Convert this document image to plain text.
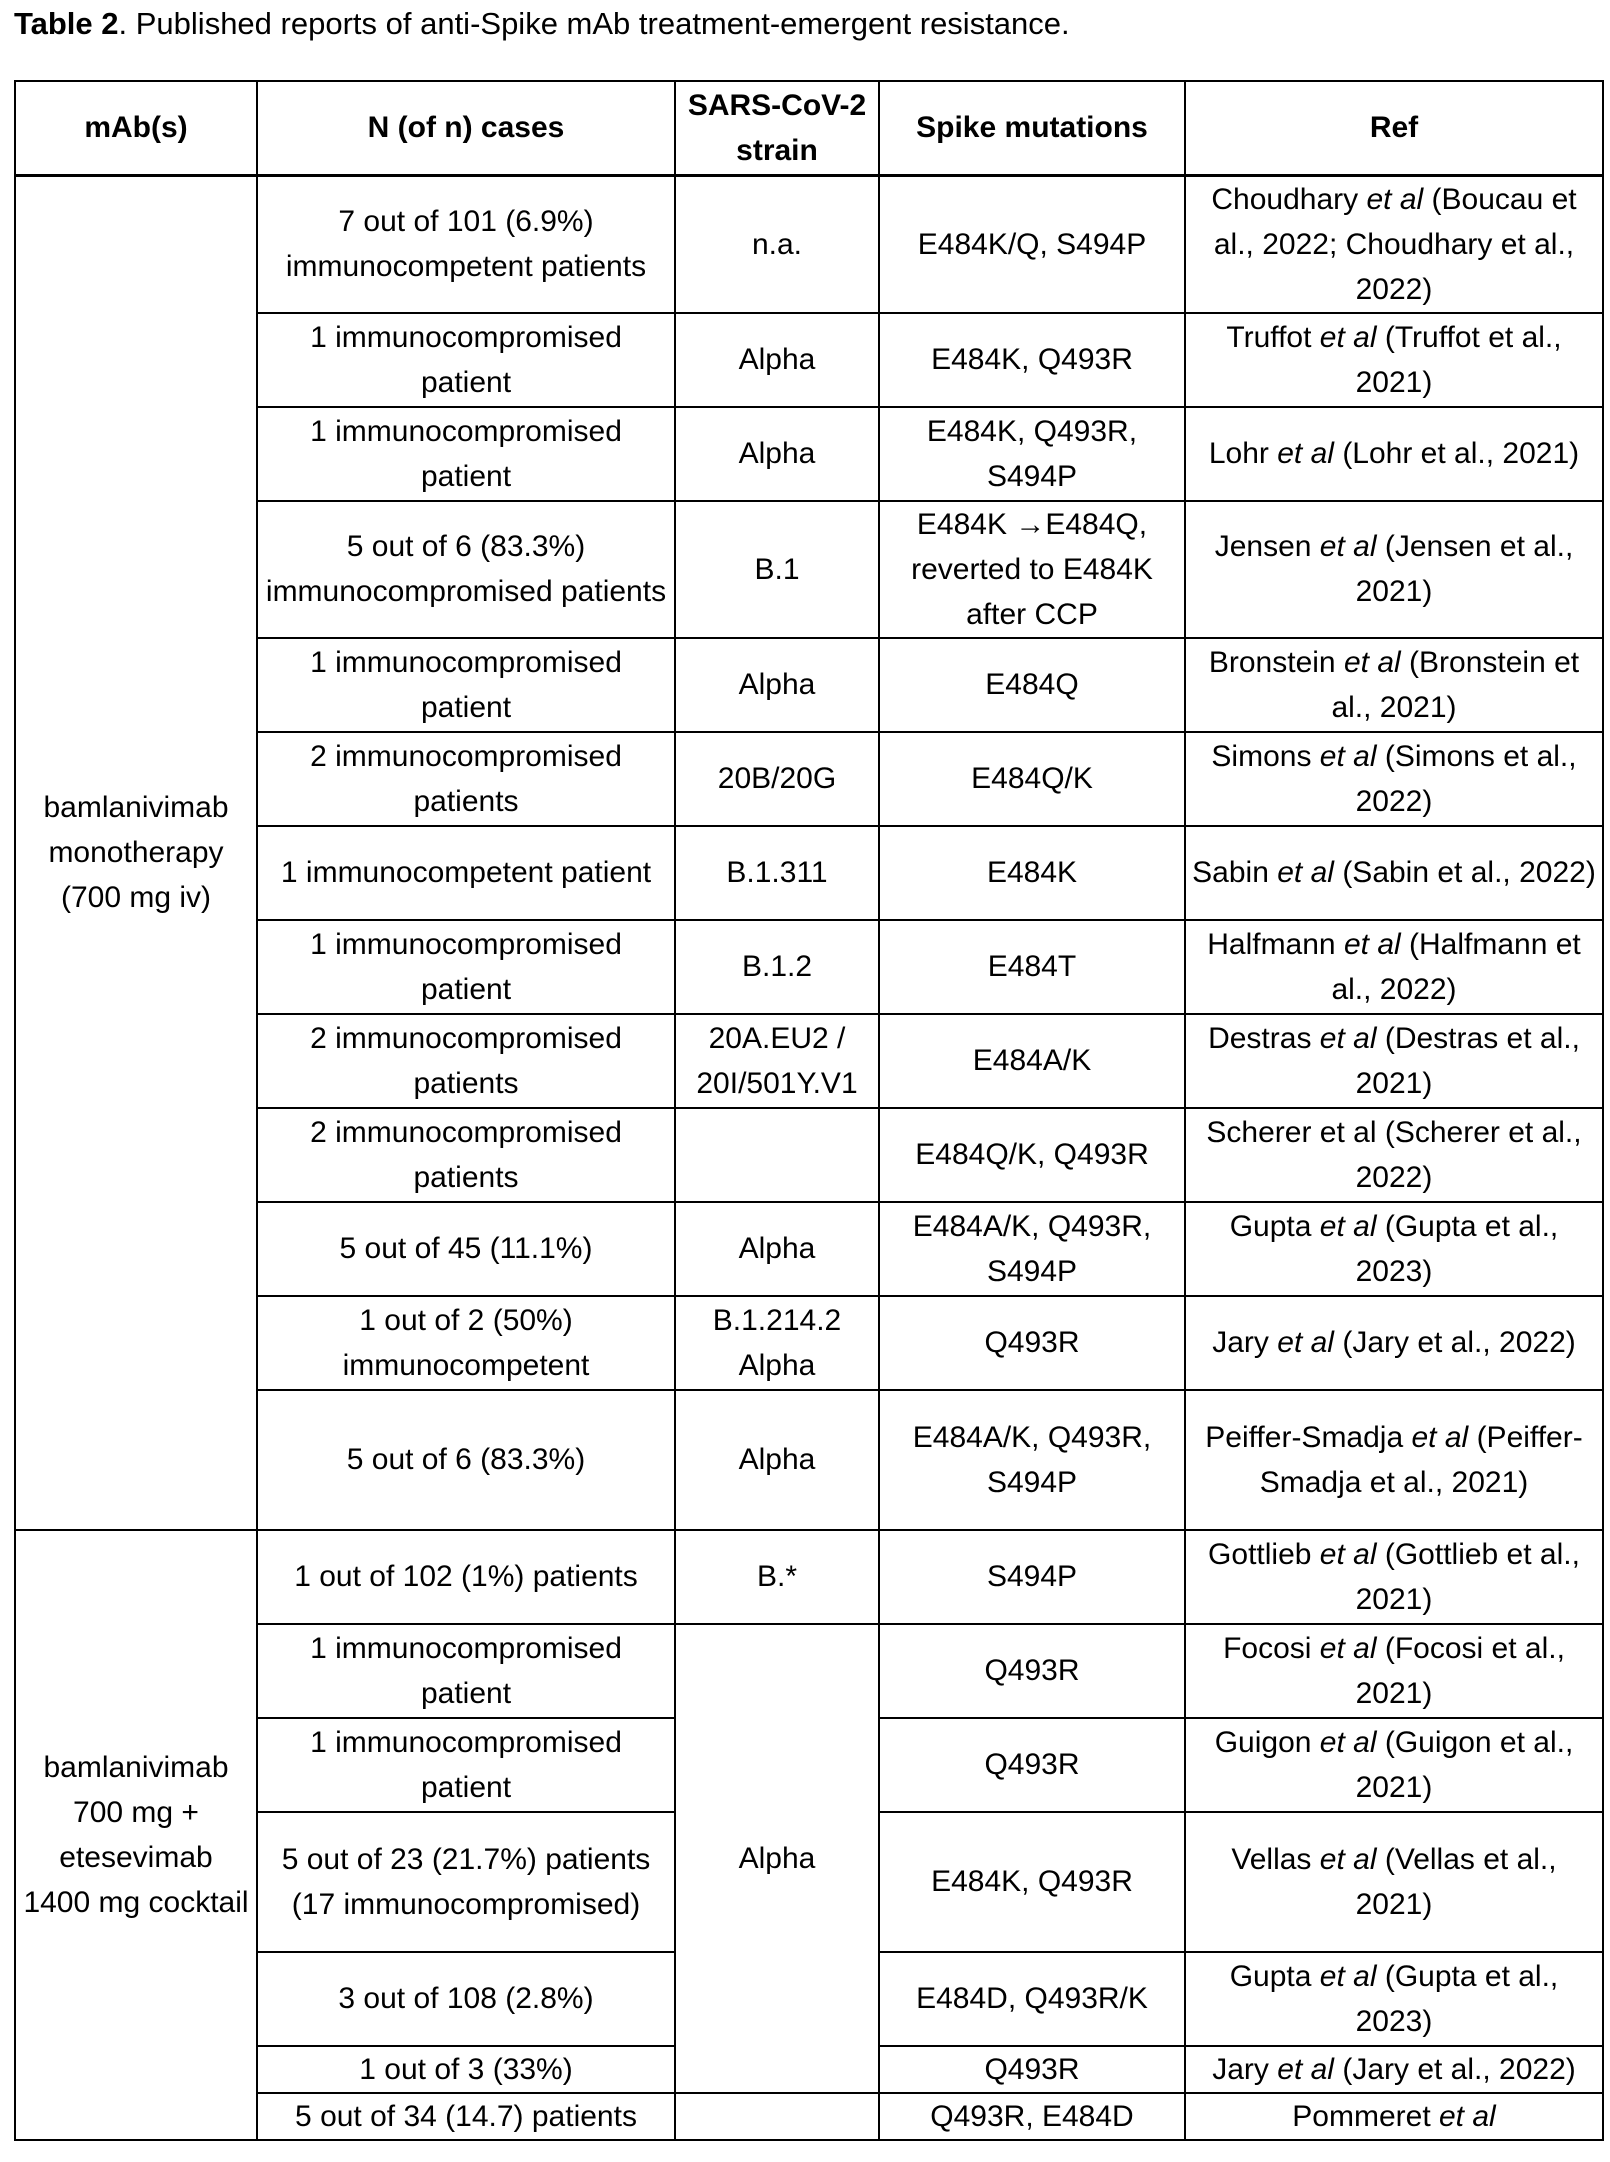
Table 2. Published reports of anti-Spike mAb treatment-emergent resistance.
mAb(s)	N (of n) cases	SARS-CoV-2 strain	Spike mutations	Ref
bamlanivimab monotherapy (700 mg iv)	7 out of 101 (6.9%) immunocompetent patients	n.a.	E484K/Q, S494P	Choudhary et al (Boucau et al., 2022; Choudhary et al., 2022)
	1 immunocompromised patient	Alpha	E484K, Q493R	Truffot et al (Truffot et al., 2021)
	1 immunocompromised patient	Alpha	E484K, Q493R, S494P	Lohr et al (Lohr et al., 2021)
	5 out of 6 (83.3%) immunocompromised patients	B.1	E484K →E484Q, reverted to E484K after CCP	Jensen et al (Jensen et al., 2021)
	1 immunocompromised patient	Alpha	E484Q	Bronstein et al (Bronstein et al., 2021)
	2 immunocompromised patients	20B/20G	E484Q/K	Simons et al (Simons et al., 2022)
	1 immunocompetent patient	B.1.311	E484K	Sabin et al (Sabin et al., 2022)
	1 immunocompromised patient	B.1.2	E484T	Halfmann et al (Halfmann et al., 2022)
	2 immunocompromised patients	20A.EU2 / 20I/501Y.V1	E484A/K	Destras et al (Destras et al., 2021)
	2 immunocompromised patients		E484Q/K, Q493R	Scherer et al (Scherer et al., 2022)
	5 out of 45 (11.1%)	Alpha	E484A/K, Q493R, S494P	Gupta et al (Gupta et al., 2023)
	1 out of 2 (50%) immunocompetent	B.1.214.2 Alpha	Q493R	Jary et al (Jary et al., 2022)
	5 out of 6 (83.3%)	Alpha	E484A/K, Q493R, S494P	Peiffer-Smadja et al (Peiffer-Smadja et al., 2021)
bamlanivimab 700 mg + etesevimab 1400 mg cocktail	1 out of 102 (1%) patients	B.*	S494P	Gottlieb et al (Gottlieb et al., 2021)
	1 immunocompromised patient	Alpha	Q493R	Focosi et al (Focosi et al., 2021)
	1 immunocompromised patient		Q493R	Guigon et al (Guigon et al., 2021)
	5 out of 23 (21.7%) patients (17 immunocompromised)		E484K, Q493R	Vellas et al (Vellas et al., 2021)
	3 out of 108 (2.8%)		E484D, Q493R/K	Gupta et al (Gupta et al., 2023)
	1 out of 3 (33%)		Q493R	Jary et al (Jary et al., 2022)
	5 out of 34 (14.7) patients		Q493R, E484D	Pommeret et al
